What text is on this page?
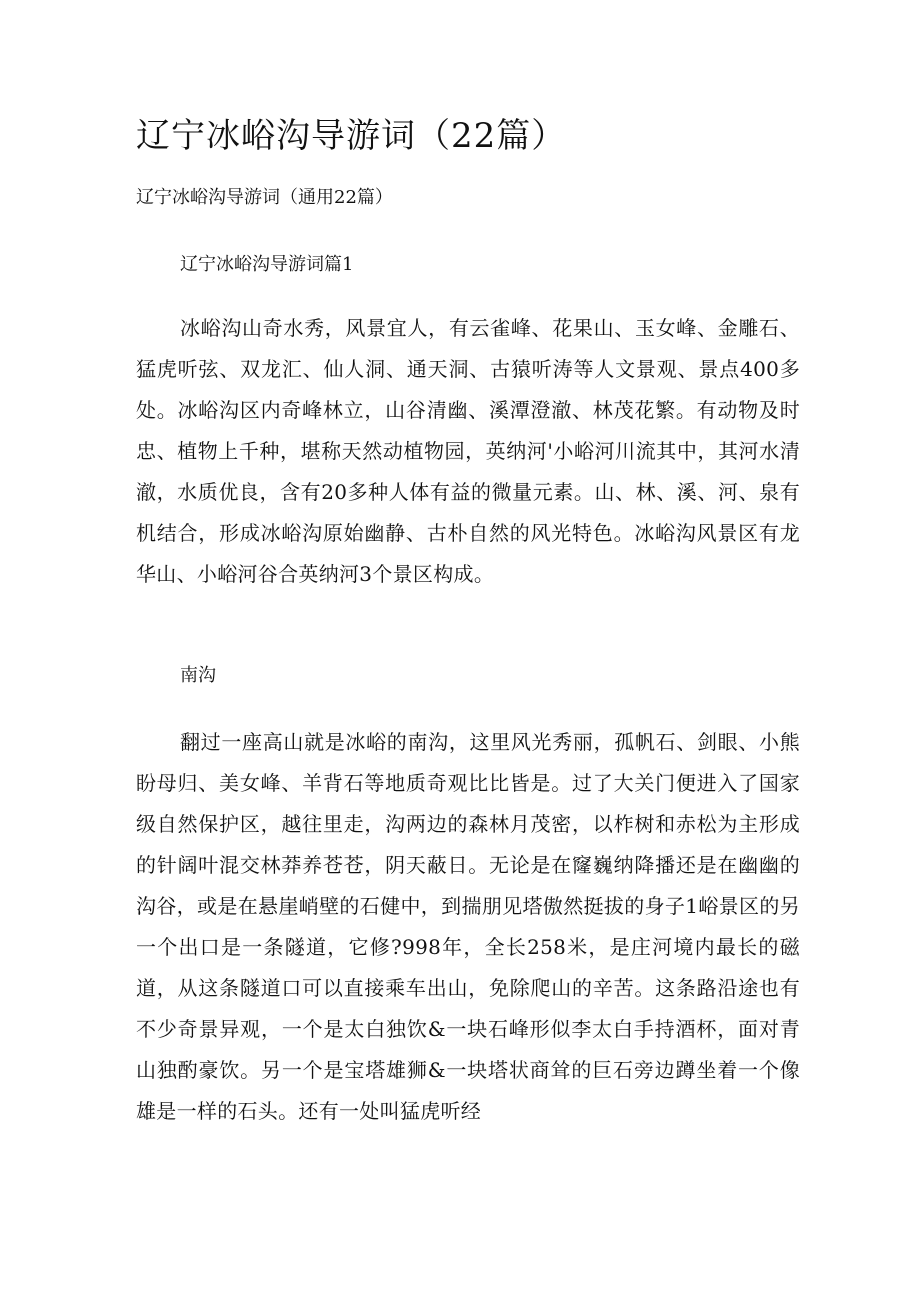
辽宁冰峪沟导游词（22篇）

辽宁冰峪沟导游词（通用22篇）

辽宁冰峪沟导游词篇1

冰峪沟山奇水秀，风景宜人，有云雀峰、花果山、玉女峰、金雕石、猛虎听弦、双龙汇、仙人洞、通天洞、古猿听涛等人文景观、景点400多处。冰峪沟区内奇峰林立，山谷清幽、溪潭澄澈、林茂花繁。有动物及时忠、植物上千种，堪称天然动植物园，英纳河'小峪河川流其中，其河水清澈，水质优良，含有20多种人体有益的微量元素。山、林、溪、河、泉有机结合，形成冰峪沟原始幽静、古朴自然的风光特色。冰峪沟风景区有龙华山、小峪河谷合英纳河3个景区构成。

南沟

翻过一座高山就是冰峪的南沟，这里风光秀丽，孤帆石、剑眼、小熊盼母归、美女峰、羊背石等地质奇观比比皆是。过了大关门便进入了国家级自然保护区，越往里走，沟两边的森林月茂密，以柞树和赤松为主形成的针阔叶混交林莽养苍苍，阴天蔽日。无论是在窿巍纳降播还是在幽幽的沟谷，或是在悬崖峭壁的石健中，到揣朋见塔傲然挺拔的身子1峪景区的另一个出口是一条隧道，它修?998年，全长258米，是庄河境内最长的磁道，从这条隧道口可以直接乘车出山，免除爬山的辛苦。这条路沿途也有不少奇景异观，一个是太白独饮&一块石峰形似李太白手持酒杯，面对青山独酌豪饮。另一个是宝塔雄狮&一块塔状商耸的巨石旁边蹲坐着一个像雄是一样的石头。还有一处叫猛虎听经
